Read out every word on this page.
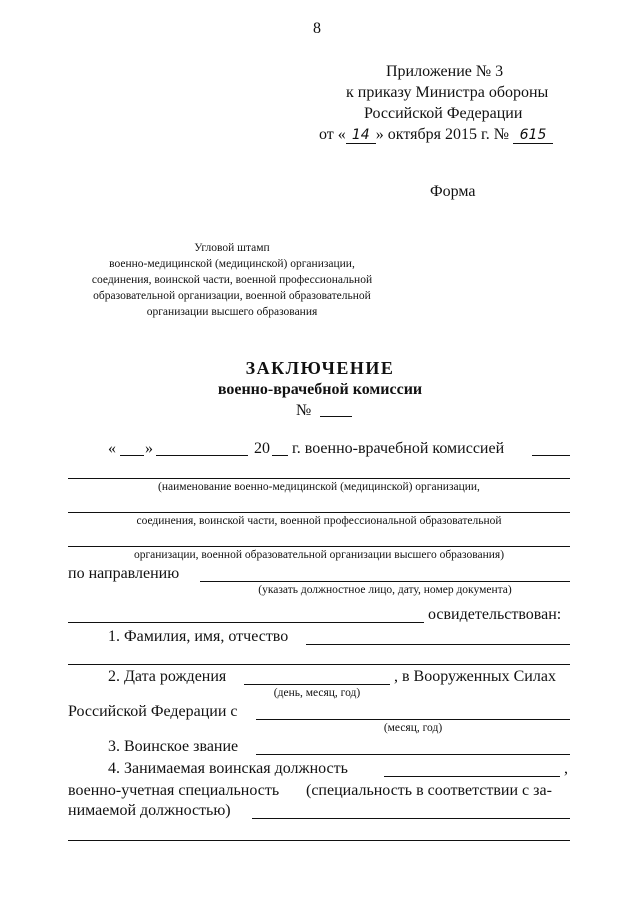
8
Приложение № 3
к приказу Министра обороны
Российской Федерации
от « 14 » октября 2015 г. № 615
Форма
Угловой штамп
военно-медицинской (медицинской) организации,
соединения, воинской части, военной профессиональной
образовательной организации, военной образовательной
организации высшего образования
ЗАКЛЮЧЕНИЕ
военно-врачебной комиссии
№
« »	20 г. военно-врачебной комиссией
(наименование военно-медицинской (медицинской) организации,
соединения, воинской части, военной профессиональной образовательной
организации, военной образовательной организации высшего образования)
по направлению
(указать должностное лицо, дату, номер документа)
освидетельствован:
1. Фамилия, имя, отчество
2. Дата рождения
(день, месяц, год)
, в Вооруженных Силах
Российской Федерации с
(месяц, год)
3. Воинское звание
4. Занимаемая воинская должность	,
военно-учетная специальность (специальность в соответствии с за-
нимаемой должностью)
